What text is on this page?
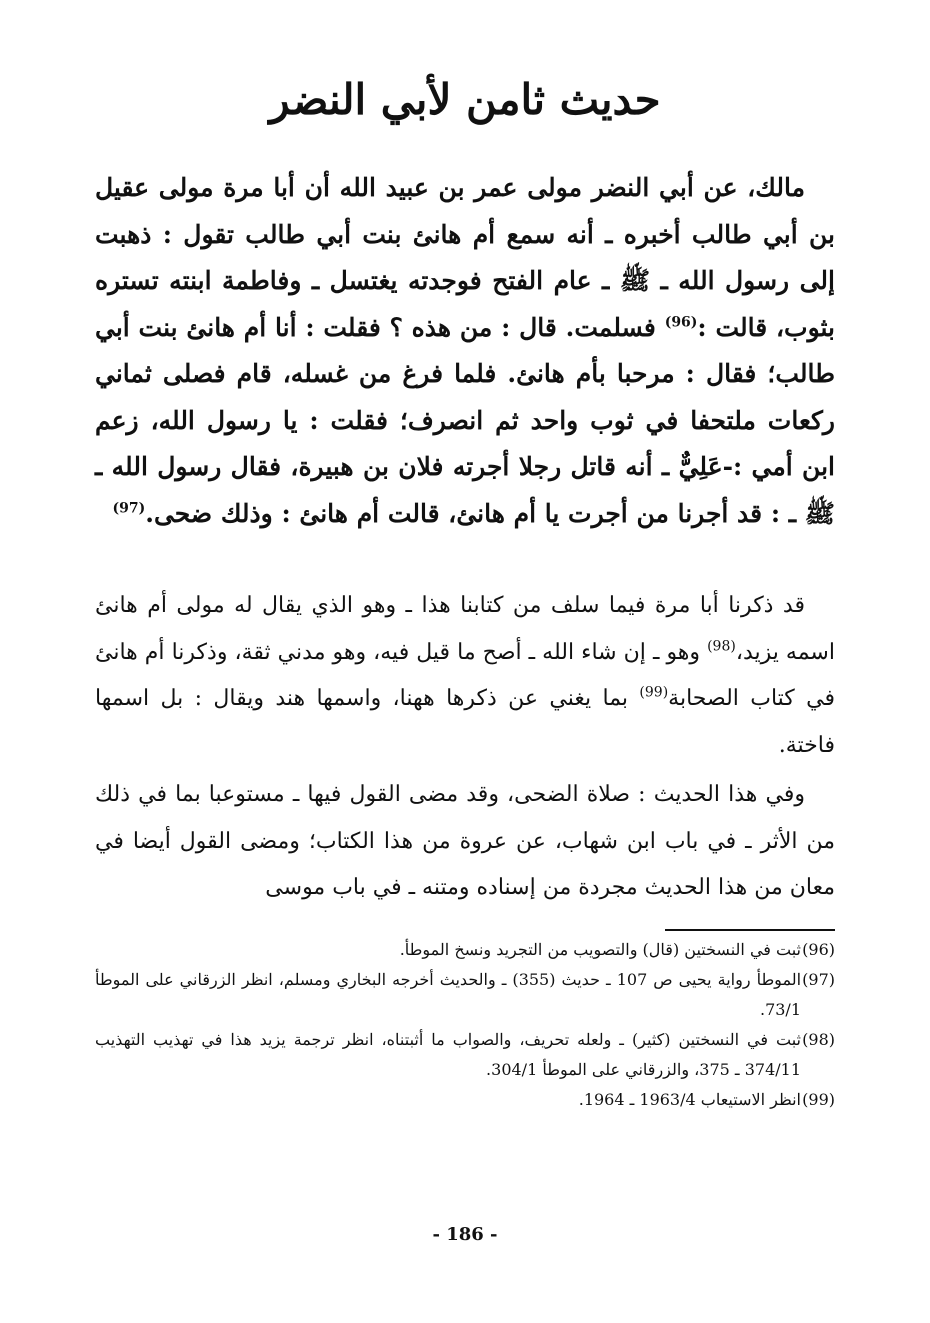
حديث ثامن لأبي النضر

مالك، عن أبي النضر مولى عمر بن عبيد الله أن أبا مرة مولى عقيل بن أبي طالب أخبره ـ أنه سمع أم هانئ بنت أبي طالب تقول : ذهبت إلى رسول الله ـ ﷺ ـ عام الفتح فوجدته يغتسل ـ وفاطمة ابنته تستره بثوب، قالت :$^{(96)}$ فسلمت. قال : من هذه ؟ فقلت : أنا أم هانئ بنت أبي طالب؛ فقال : مرحبا بأم هانئ. فلما فرغ من غسله، قام فصلى ثماني ركعات ملتحفا في ثوب واحد ثم انصرف؛ فقلت : يا رسول الله، زعم ابن أمي :-عَلِيٌّ ـ أنه قاتل رجلا أجرته فلان بن هبيرة، فقال رسول الله ـ ﷺ ـ : قد أجرنا من أجرت يا أم هانئ، قالت أم هانئ : وذلك ضحى.$^{(97)}$

قد ذكرنا أبا مرة فيما سلف من كتابنا هذا ـ وهو الذي يقال له مولى أم هانئ اسمه يزيد،$^{(98)}$ وهو ـ إن شاء الله ـ أصح ما قيل فيه، وهو مدني ثقة، وذكرنا أم هانئ في كتاب الصحابة$^{(99)}$ بما يغني عن ذكرها ههنا، واسمها هند ويقال : بل اسمها فاختة.

وفي هذا الحديث : صلاة الضحى، وقد مضى القول فيها ـ مستوعبا بما في ذلك من الأثر ـ في باب ابن شهاب، عن عروة من هذا الكتاب؛ ومضى القول أيضا في معان من هذا الحديث مجردة من إسناده ومتنه ـ في باب موسى

(96)ثبت في النسختين (قال) والتصويب من التجريد ونسخ الموطأ.
(97)الموطأ رواية يحيى ص 107 ـ حديث (355) ـ والحديث أخرجه البخاري ومسلم، انظر الزرقاني على الموطأ 73/1.
(98)ثبت في النسختين (كثير) ـ ولعله تحريف، والصواب ما أثبتناه، انظر ترجمة يزيد هذا في تهذيب التهذيب 374/11 ـ 375، والزرقاني على الموطأ 304/1.
(99)انظر الاستيعاب 1963/4 ـ 1964.
- 186 -
